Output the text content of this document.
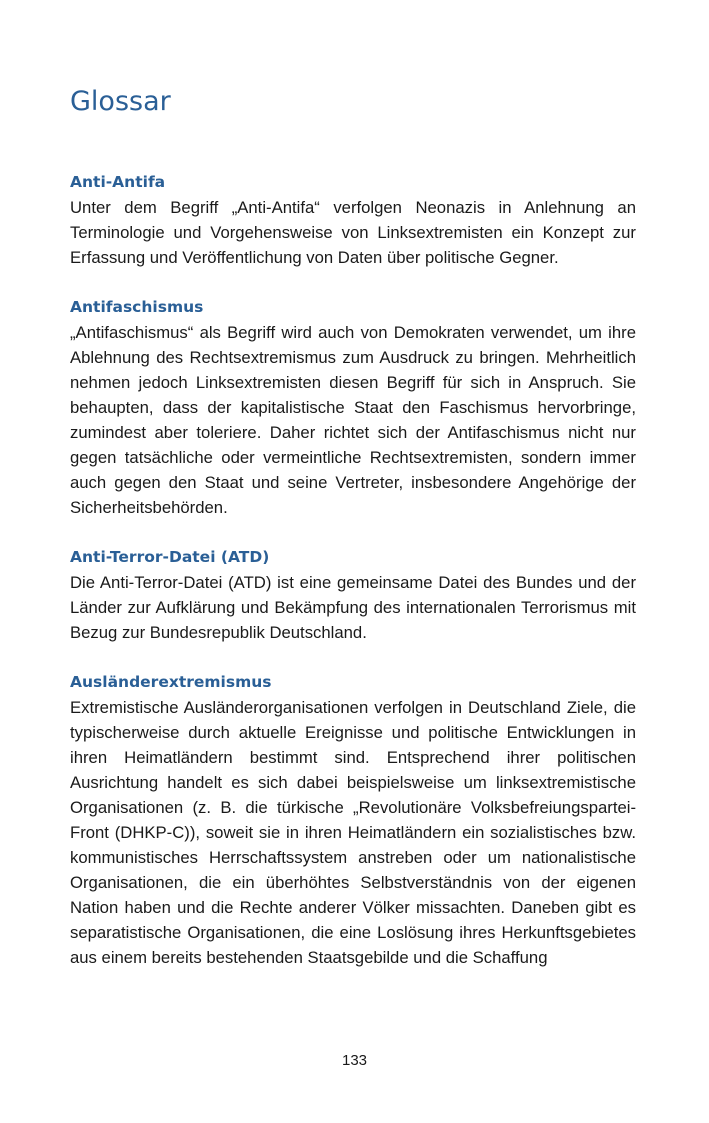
Glossar
Anti-Antifa

Unter dem Begriff „Anti-Antifa“ verfolgen Neonazis in Anlehnung an Terminologie und Vorgehensweise von Linksextremisten ein Konzept zur Erfassung und Veröffentlichung von Daten über politische Gegner.

Antifaschismus

„Antifaschismus“ als Begriff wird auch von Demokraten verwendet, um ihre Ablehnung des Rechtsextremismus zum Ausdruck zu bringen. Mehrheitlich nehmen jedoch Linksextremisten diesen Begriff für sich in Anspruch. Sie behaupten, dass der kapitalistische Staat den Faschismus hervorbringe, zumindest aber toleriere. Daher richtet sich der Antifaschismus nicht nur gegen tatsächliche oder vermeintliche Rechtsextremisten, sondern immer auch gegen den Staat und seine Vertreter, insbesondere Angehörige der Sicherheitsbehörden.

Anti-Terror-Datei (ATD)

Die Anti-Terror-Datei (ATD) ist eine gemeinsame Datei des Bundes und der Länder zur Aufklärung und Bekämpfung des internationalen Terrorismus mit Bezug zur Bundesrepublik Deutschland.

Ausländerextremismus

Extremistische Ausländerorganisationen verfolgen in Deutschland Ziele, die typischerweise durch aktuelle Ereignisse und politische Entwicklungen in ihren Heimatländern bestimmt sind. Entsprechend ihrer politischen Ausrichtung handelt es sich dabei beispielsweise um linksextremistische Organisationen (z. B. die türkische „Revolutionäre Volksbefreiungspartei-Front (DHKP-C)), soweit sie in ihren Heimatländern ein sozialistisches bzw. kommunistisches Herrschaftssystem anstreben oder um nationalistische Organisationen, die ein überhöhtes Selbstverständnis von der eigenen Nation haben und die Rechte anderer Völker missachten. Daneben gibt es separatistische Organisationen, die eine Loslösung ihres Herkunftsgebietes aus einem bereits bestehenden Staatsgebilde und die Schaffung

133
